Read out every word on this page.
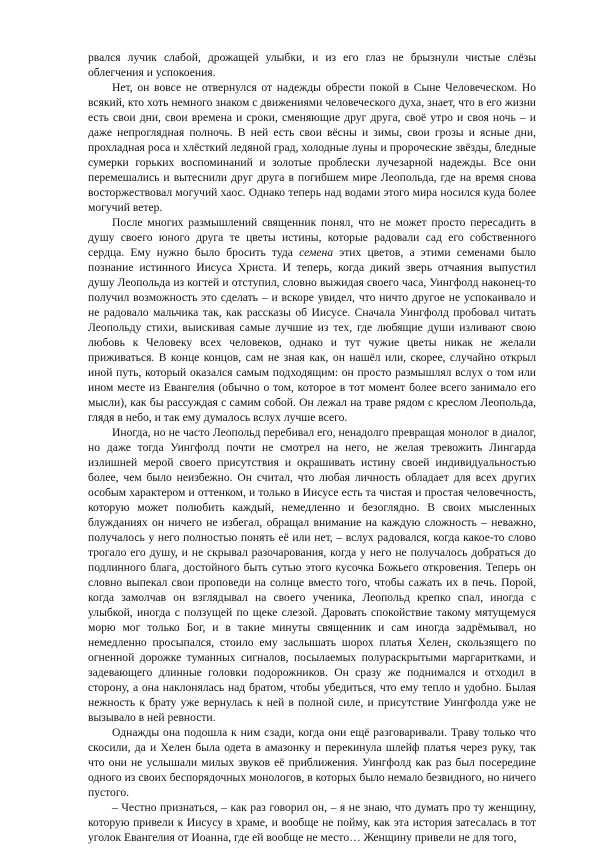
рвался лучик слабой, дрожащей улыбки, и из его глаз не брызнули чистые слёзы облегчения и успокоения.

Нет, он вовсе не отвернулся от надежды обрести покой в Сыне Человеческом. Но всякий, кто хоть немного знаком с движениями человеческого духа, знает, что в его жизни есть свои дни, свои времена и сроки, сменяющие друг друга, своё утро и своя ночь – и даже непроглядная полночь. В ней есть свои вёсны и зимы, свои грозы и ясные дни, прохладная роса и хлёсткий ледяной град, холодные луны и пророческие звёзды, бледные сумерки горьких воспоминаний и золотые проблески лучезарной надежды. Все они перемешались и вытеснили друг друга в погибшем мире Леопольда, где на время снова восторжествовал могучий хаос. Однако теперь над водами этого мира носился куда более могучий ветер.

После многих размышлений священник понял, что не может просто пересадить в душу своего юного друга те цветы истины, которые радовали сад его собственного сердца. Ему нужно было бросить туда семена этих цветов, а этими семенами было познание истинного Иисуса Христа. И теперь, когда дикий зверь отчаяния выпустил душу Леопольда из когтей и отступил, словно выжидая своего часа, Уингфолд наконец-то получил возможность это сделать – и вскоре увидел, что ничто другое не успокаивало и не радовало мальчика так, как рассказы об Иисусе. Сначала Уингфолд пробовал читать Леопольду стихи, выискивая самые лучшие из тех, где любящие души изливают свою любовь к Человеку всех человеков, однако и тут чужие цветы никак не желали приживаться. В конце концов, сам не зная как, он нашёл или, скорее, случайно открыл иной путь, который оказался самым подходящим: он просто размышлял вслух о том или ином месте из Евангелия (обычно о том, которое в тот момент более всего занимало его мысли), как бы рассуждая с самим собой. Он лежал на траве рядом с креслом Леопольда, глядя в небо, и так ему думалось вслух лучше всего.

Иногда, но не часто Леопольд перебивал его, ненадолго превращая монолог в диалог, но даже тогда Уингфолд почти не смотрел на него, не желая тревожить Лингарда излишней мерой своего присутствия и окрашивать истину своей индивидуальностью более, чем было неизбежно. Он считал, что любая личность обладает для всех других особым характером и оттенком, и только в Иисусе есть та чистая и простая человечность, которую может полюбить каждый, немедленно и безоглядно. В своих мысленных блужданиях он ничего не избегал, обращал внимание на каждую сложность – неважно, получалось у него полностью понять её или нет, – вслух радовался, когда какое-то слово трогало его душу, и не скрывал разочарования, когда у него не получалось добраться до подлинного блага, достойного быть сутью этого кусочка Божьего откровения. Теперь он словно выпекал свои проповеди на солнце вместо того, чтобы сажать их в печь. Порой, когда замолчав он взглядывал на своего ученика, Леопольд крепко спал, иногда с улыбкой, иногда с ползущей по щеке слезой. Даровать спокойствие такому мятущемуся морю мог только Бог, и в такие минуты священник и сам иногда задрёмывал, но немедленно просыпался, стоило ему заслышать шорох платья Хелен, скользящего по огненной дорожке туманных сигналов, посылаемых полураскрытыми маргаритками, и задевающего длинные головки подорожников. Он сразу же поднимался и отходил в сторону, а она наклонялась над братом, чтобы убедиться, что ему тепло и удобно. Былая нежность к брату уже вернулась к ней в полной силе, и присутствие Уингфолда уже не вызывало в ней ревности.

Однажды она подошла к ним сзади, когда они ещё разговаривали. Траву только что скосили, да и Хелен была одета в амазонку и перекинула шлейф платья через руку, так что они не услышали милых звуков её приближения. Уингфолд как раз был посередине одного из своих беспорядочных монологов, в которых было немало безвидного, но ничего пустого.

– Честно признаться, – как раз говорил он, – я не знаю, что думать про ту женщину, которую привели к Иисусу в храме, и вообще не пойму, как эта история затесалась в тот уголок Евангелия от Иоанна, где ей вообще не место… Женщину привели не для того,
